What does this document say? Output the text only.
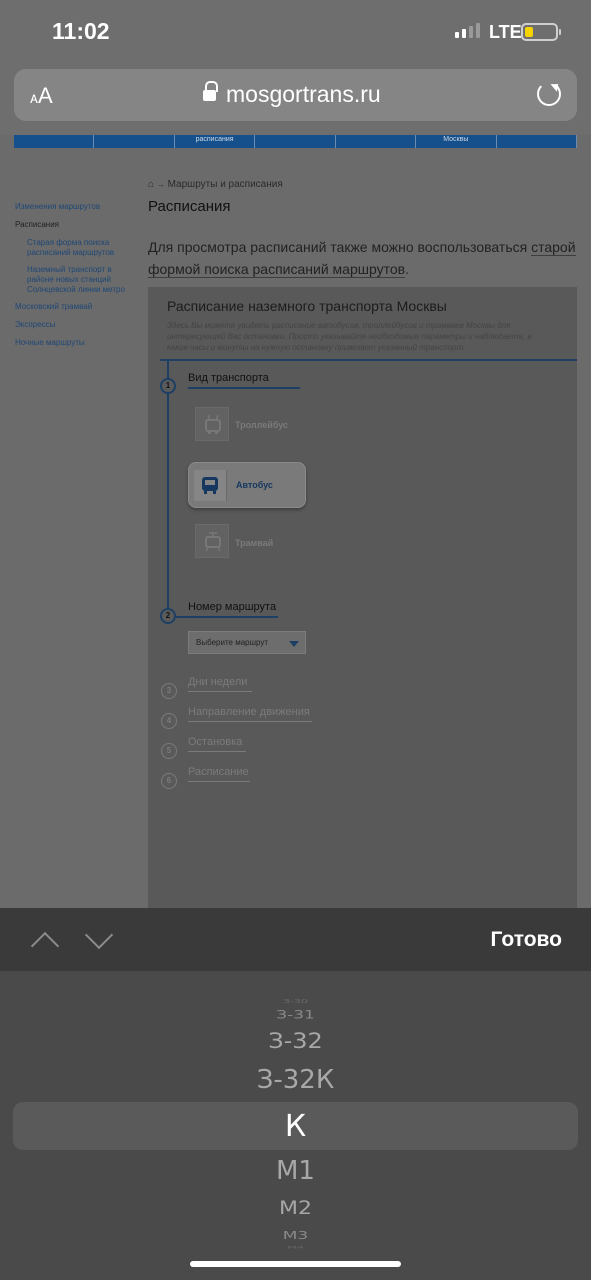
11:02	LTE
ᴀA	mosgortrans.ru
расписания	Москвы
Изменения маршрутов
Расписания
Старая форма поиска расписаний маршрутов
Наземный транспорт в районе новых станций Солнцевской линии метро
Московский трамвай
Экспрессы
Ночные маршруты
⌂ → Маршруты и расписания
Расписания
Для просмотра расписаний также можно воспользоваться старой формой поиска расписаний маршрутов.
Расписание наземного транспорта Москвы
Здесь Вы можете увидеть расписание автобусов, троллейбусов и трамваев Москвы для интересующей Вас остановки. Просто указывайте необходимые параметры и наблюдаете, в какие часы и минуты на нужную остановку привезает указанный транспорт.
1
Вид транспорта
Троллейбус
Автобус
Трамвай
2
Номер маршрута
Выберите маршрут
3
Дни недели
4
Направление движения
5
Остановка
6
Расписание
Готово
З-30
З-31
З-32
З-32К
К
М1
М2
М3
М4
